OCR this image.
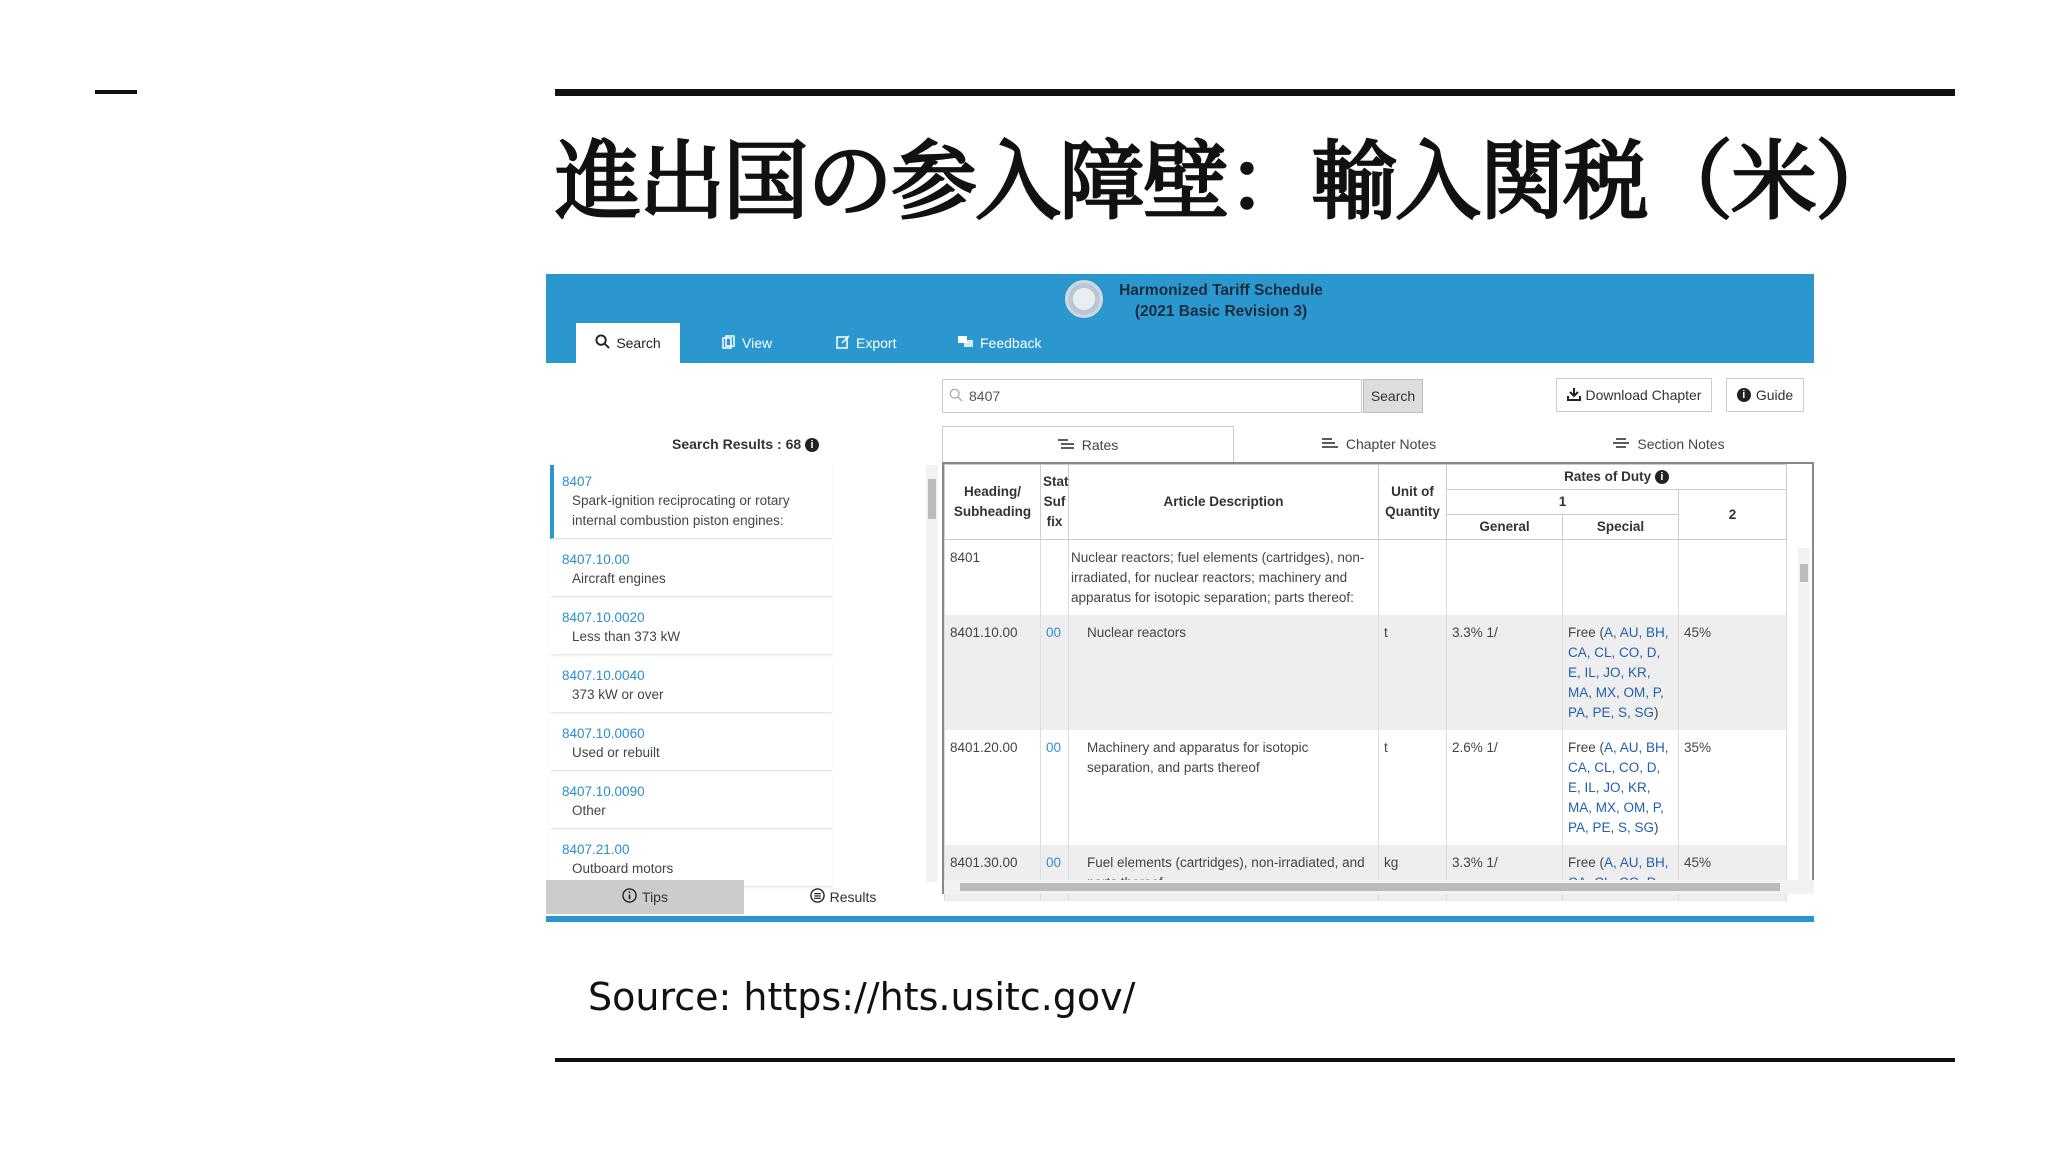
進出国の参入障壁：輸入関税（米）
Harmonized Tariff Schedule
(2021 Basic Revision 3)
Search	View	Export	Feedback
8407
Search	Download Chapter	i Guide
Search Results : 68 i
8407
Spark-ignition reciprocating or rotary internal combustion piston engines:
8407.10.00
Aircraft engines
8407.10.0020
Less than 373 kW
8407.10.0040
373 kW or over
8407.10.0060
Used or rebuilt
8407.10.0090
Other
8407.21.00
Outboard motors
Tips	Results
Rates	Chapter Notes	Section Notes
Heading/ Subheading	Stat Suf fix	Article Description	Unit of Quantity	Rates of Duty i		
				1		2
				General	Special	
8401		Nuclear reactors; fuel elements (cartridges), non-irradiated, for nuclear reactors; machinery and apparatus for isotopic separation; parts thereof:				
8401.10.00	00	Nuclear reactors	t	3.3% 1/	Free (A, AU, BH, CA, CL, CO, D, E, IL, JO, KR, MA, MX, OM, P, PA, PE, S, SG)	45%
8401.20.00	00	Machinery and apparatus for isotopic separation, and parts thereof	t	2.6% 1/	Free (A, AU, BH, CA, CL, CO, D, E, IL, JO, KR, MA, MX, OM, P, PA, PE, S, SG)	35%
8401.30.00	00	Fuel elements (cartridges), non-irradiated, and	kg	3.3% 1/	Free (A, AU, BH,	45%
Source: https://hts.usitc.gov/
